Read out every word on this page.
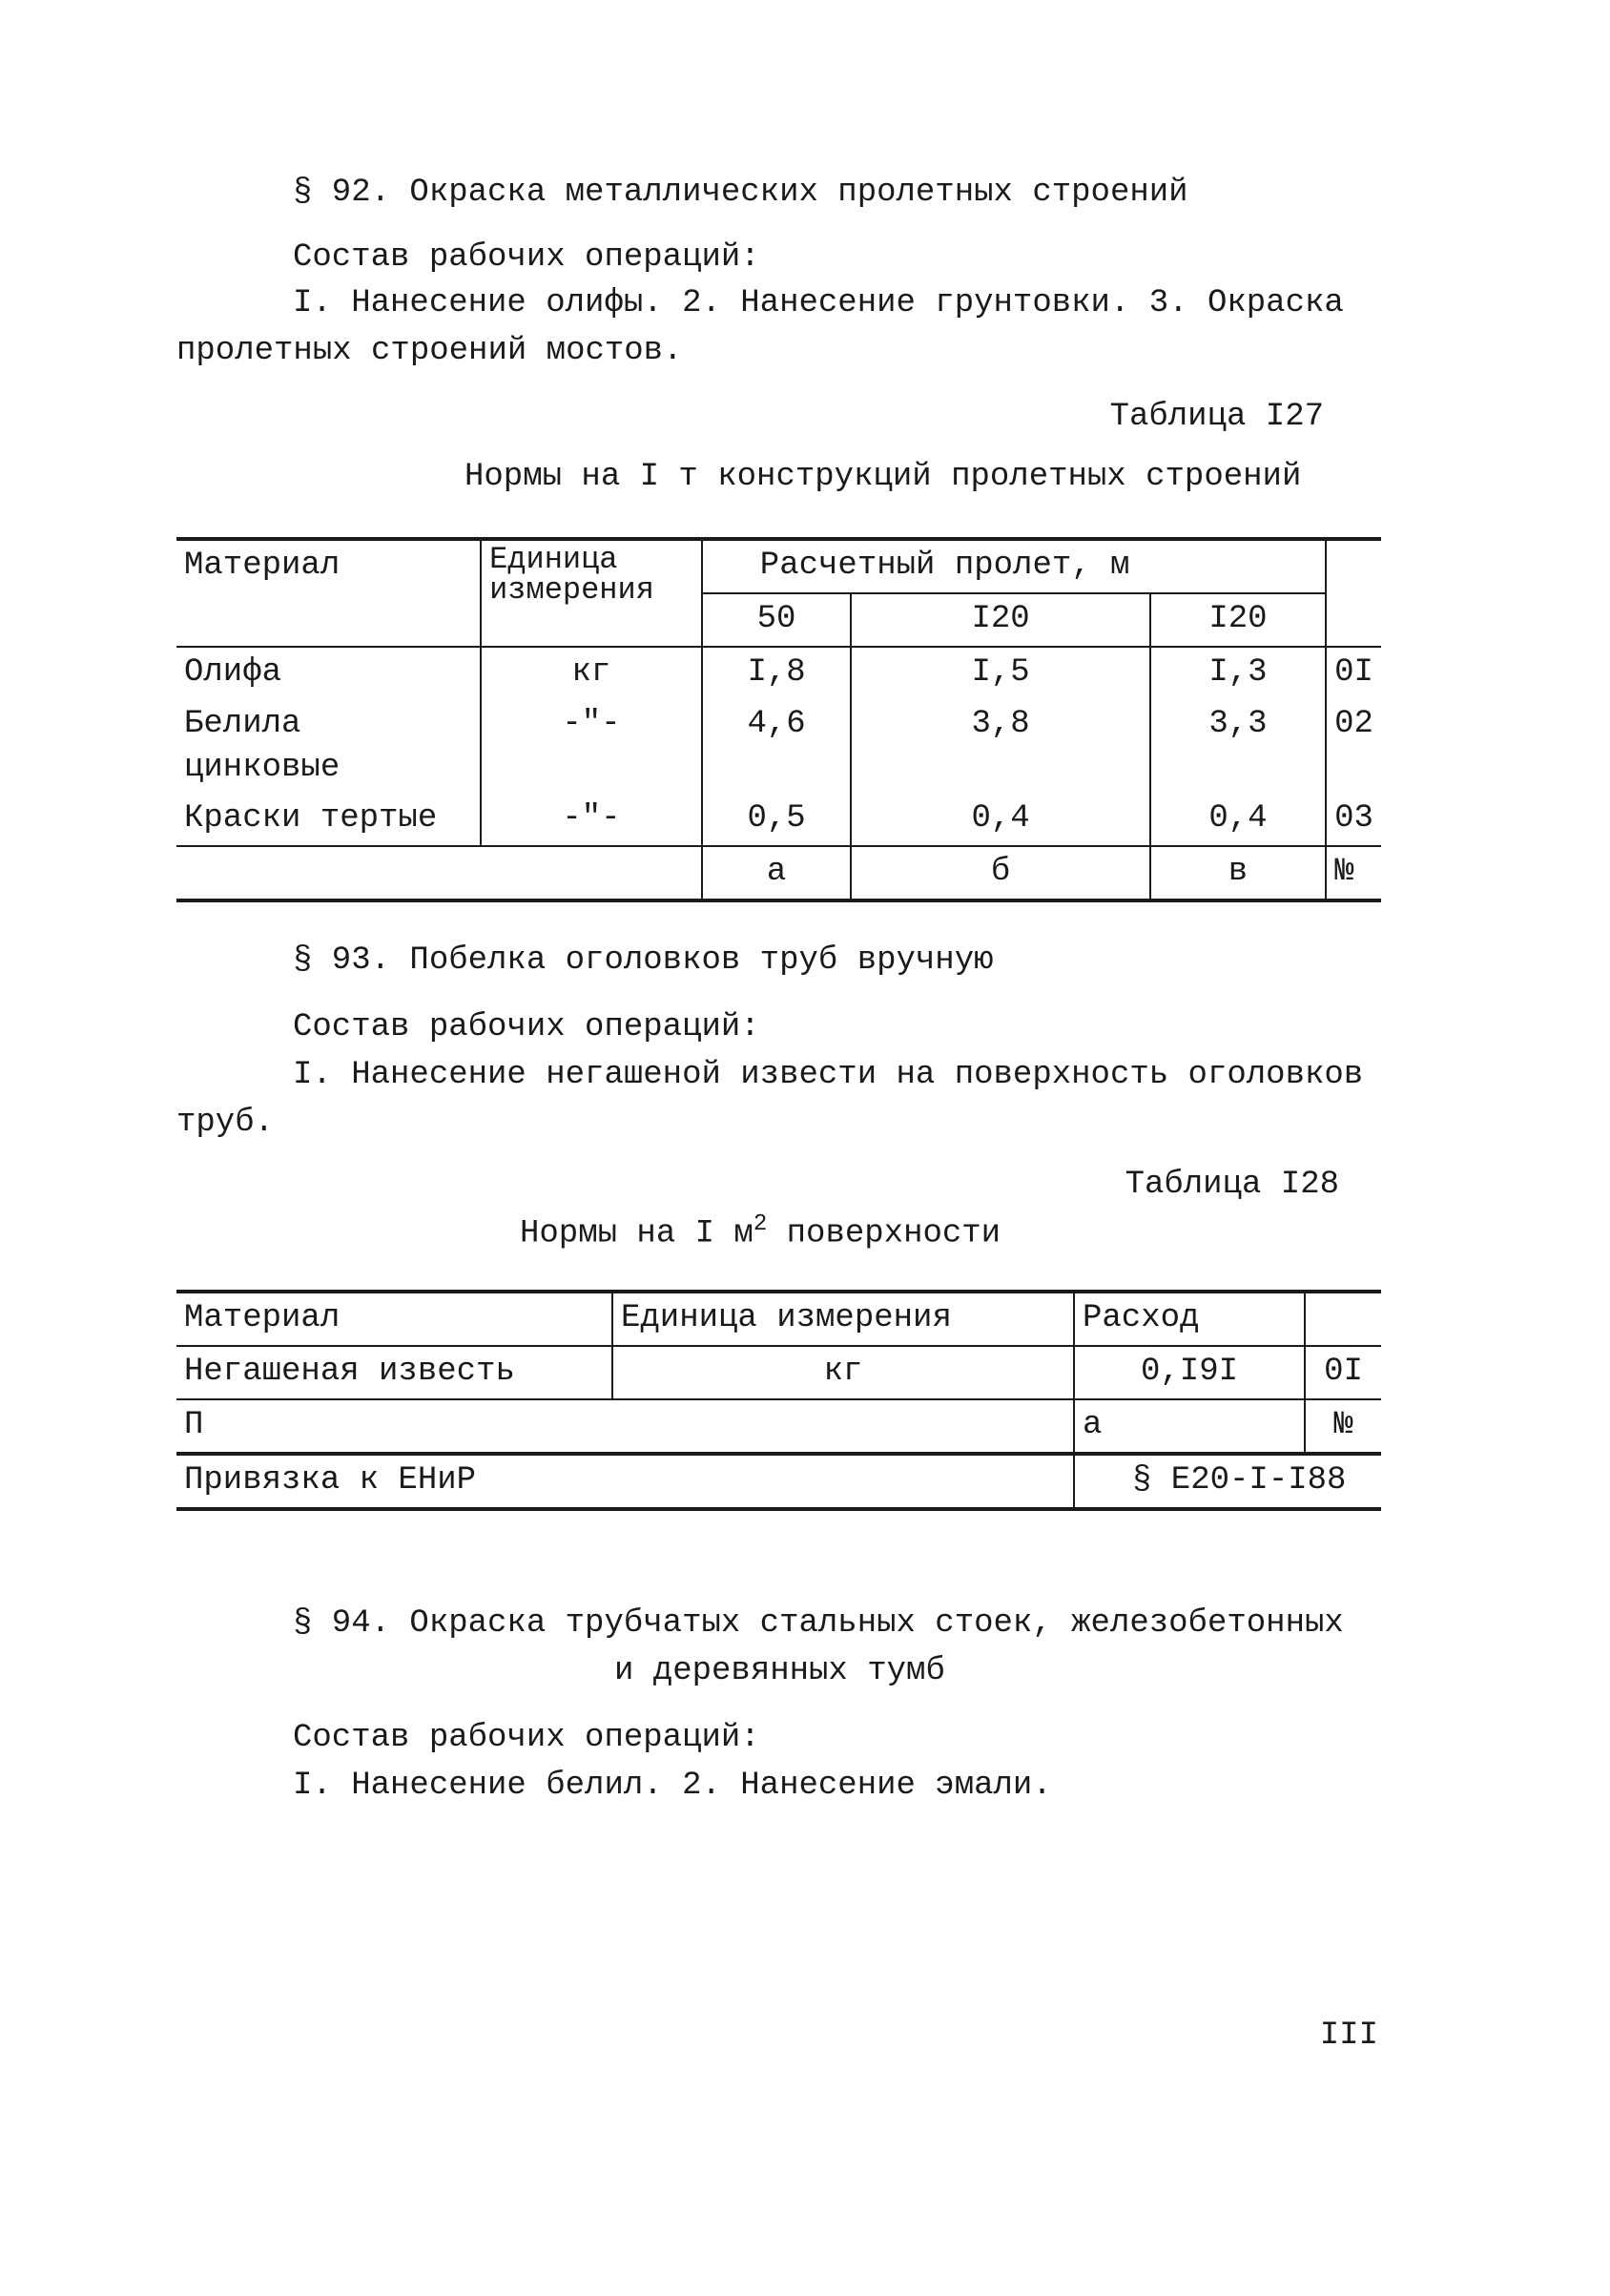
§ 92. Окраска металлических пролетных строений
Состав рабочих операций:
I. Нанесение олифы. 2. Нанесение грунтовки. 3. Окраска
пролетных строений мостов.
Таблица I27
Нормы на I т конструкций пролетных строений
Материал	Единица измерения	Расчетный пролет, м			
		50	I20	I20	
Олифа	кг	I,8	I,5	I,3	0I
Белила цинковые	-"-	4,6	3,8	3,3	02
Краски тертые	-"-	0,5	0,4	0,4	03
		а	б	в	№
§ 93. Побелка оголовков труб вручную
Состав рабочих операций:
I. Нанесение негашеной извести на поверхность оголовков
труб.
Таблица I28
Нормы на I $м^2$ поверхности
Материал	Единица измерения	Расход	
Негашеная известь	кг	0,I9I	0I
П		а	№
Привязка к ЕНиР		§ Е20-I-I88	
§ 94. Окраска трубчатых стальных стоек, железобетонных
и деревянных тумб
Состав рабочих операций:
I. Нанесение белил. 2. Нанесение эмали.
III
